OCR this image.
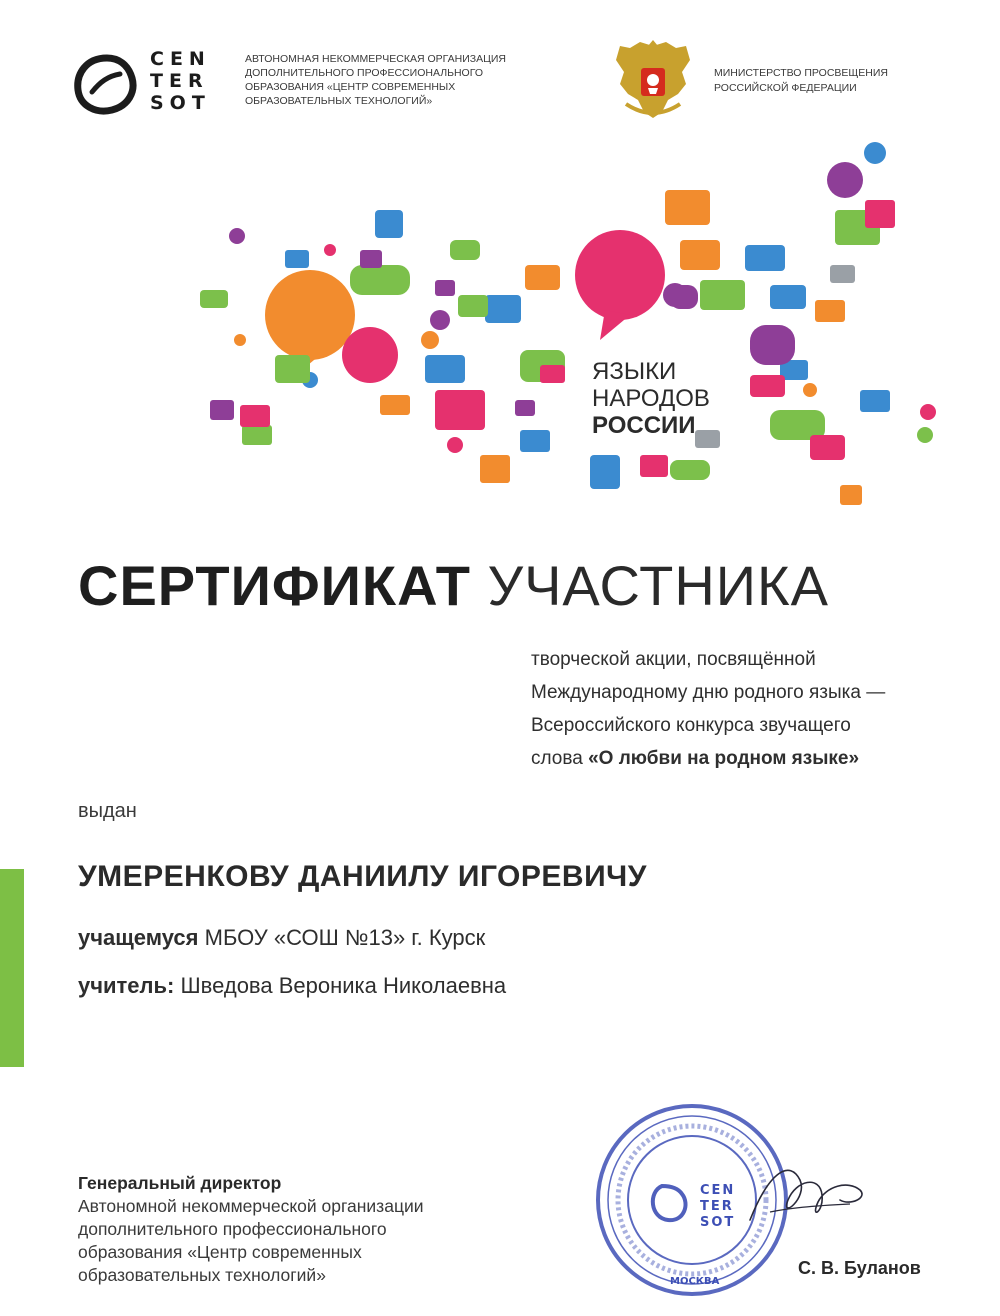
CEN
TER
SOT
АВТОНОМНАЯ НЕКОММЕРЧЕСКАЯ ОРГАНИЗАЦИЯ
ДОПОЛНИТЕЛЬНОГО ПРОФЕССИОНАЛЬНОГО
ОБРАЗОВАНИЯ «ЦЕНТР СОВРЕМЕННЫХ
ОБРАЗОВАТЕЛЬНЫХ ТЕХНОЛОГИЙ»
МИНИСТЕРСТВО ПРОСВЕЩЕНИЯ
РОССИЙСКОЙ ФЕДЕРАЦИИ
ЯЗЫКИ
НАРОДОВ
РОССИИ
СЕРТИФИКАТ УЧАСТНИКА
творческой акции, посвящённой
Международному дню родного языка —
Всероссийского конкурса звучащего
слова «О любви на родном языке»
выдан
УМЕРЕНКОВУ ДАНИИЛУ ИГОРЕВИЧУ
учащемуся МБОУ «СОШ №13» г. Курск
учитель: Шведова Вероника Николаевна
Генеральный директор
Автономной некоммерческой организации
дополнительного профессионального
образования «Центр современных
образовательных технологий»
CEN
TER
SOT
МОСКВА
С. В. Буланов
